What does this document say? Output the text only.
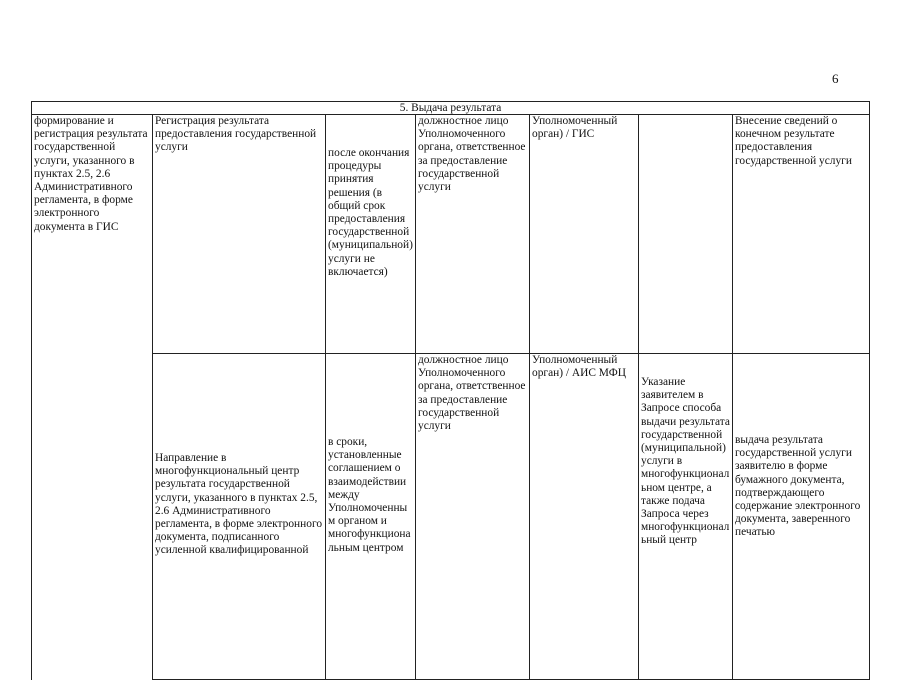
6
5. Выдача результата						

формирование и регистрация результата государственной услуги, указанного в пунктах 2.5, 2.6 Административного регламента, в форме электронного документа в ГИС	Регистрация результата предоставления государственной услуги	после окончания процедуры принятия решения (в общий срок предоставления государственной (муниципальной) услуги не включается)	должностное лицо Уполномоченного органа, ответственное за предоставление государственной услуги	Уполномоченный орган) / ГИС		Внесение сведений о конечном результате предоставления государственной услуги

	Направление в многофункциональный центр результата государственной услуги, указанного в пунктах 2.5, 2.6 Административного регламента, в форме электронного документа, подписанного усиленной квалифицированной	в сроки, установленные соглашением о взаимодействии между Уполномоченным органом и многофункциональным центром	должностное лицо Уполномоченного органа, ответственное за предоставление государственной услуги	Уполномоченный орган) / АИС МФЦ	Указание заявителем в Запросе способа выдачи результата государственной (муниципальной) услуги в многофункциональном центре, а также подача Запроса через многофункциональный центр	выдача результата государственной услуги заявителю в форме бумажного документа, подтверждающего содержание электронного документа, заверенного печатью
